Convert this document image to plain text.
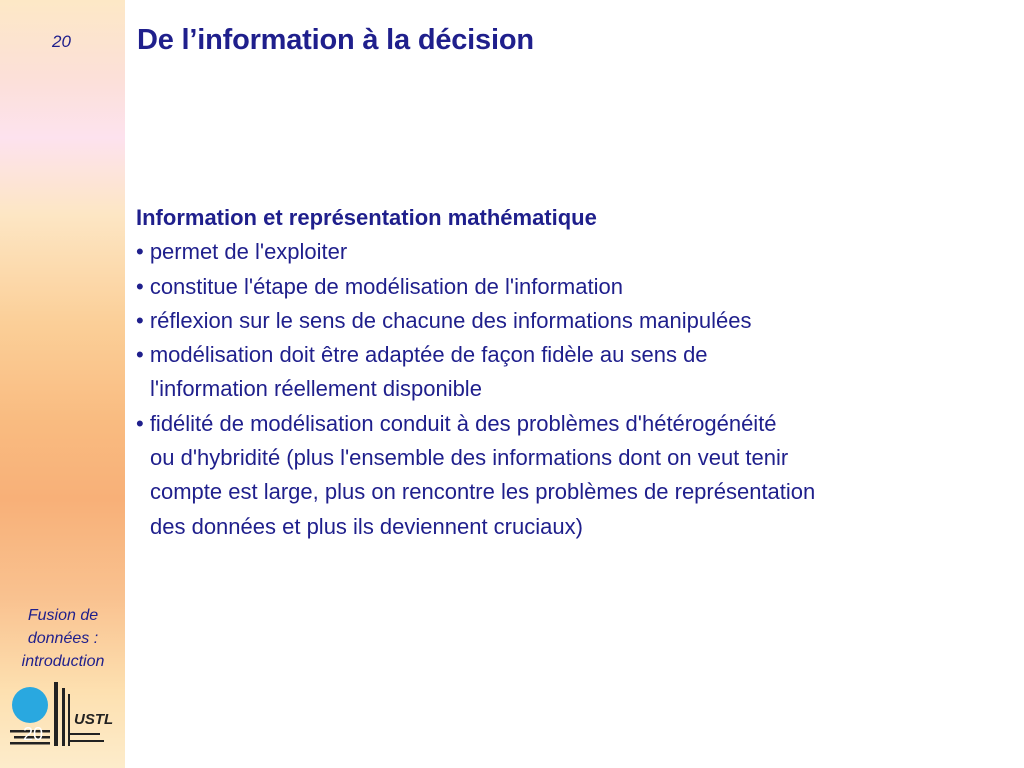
20
Fusion de
données :
introduction
USTL
20
De l’information à la décision

Information et représentation mathématique

• permet de l'exploiter

• constitue l'étape de modélisation de l'information

• réflexion sur le sens de chacune des informations manipulées

• modélisation doit être adaptée de façon fidèle au sens de

l'information réellement disponible

• fidélité de modélisation conduit à des problèmes d'hétérogénéité

ou d'hybridité (plus l'ensemble des informations dont on veut tenir

compte est large, plus on rencontre les problèmes de représentation

des données et plus ils deviennent cruciaux)
